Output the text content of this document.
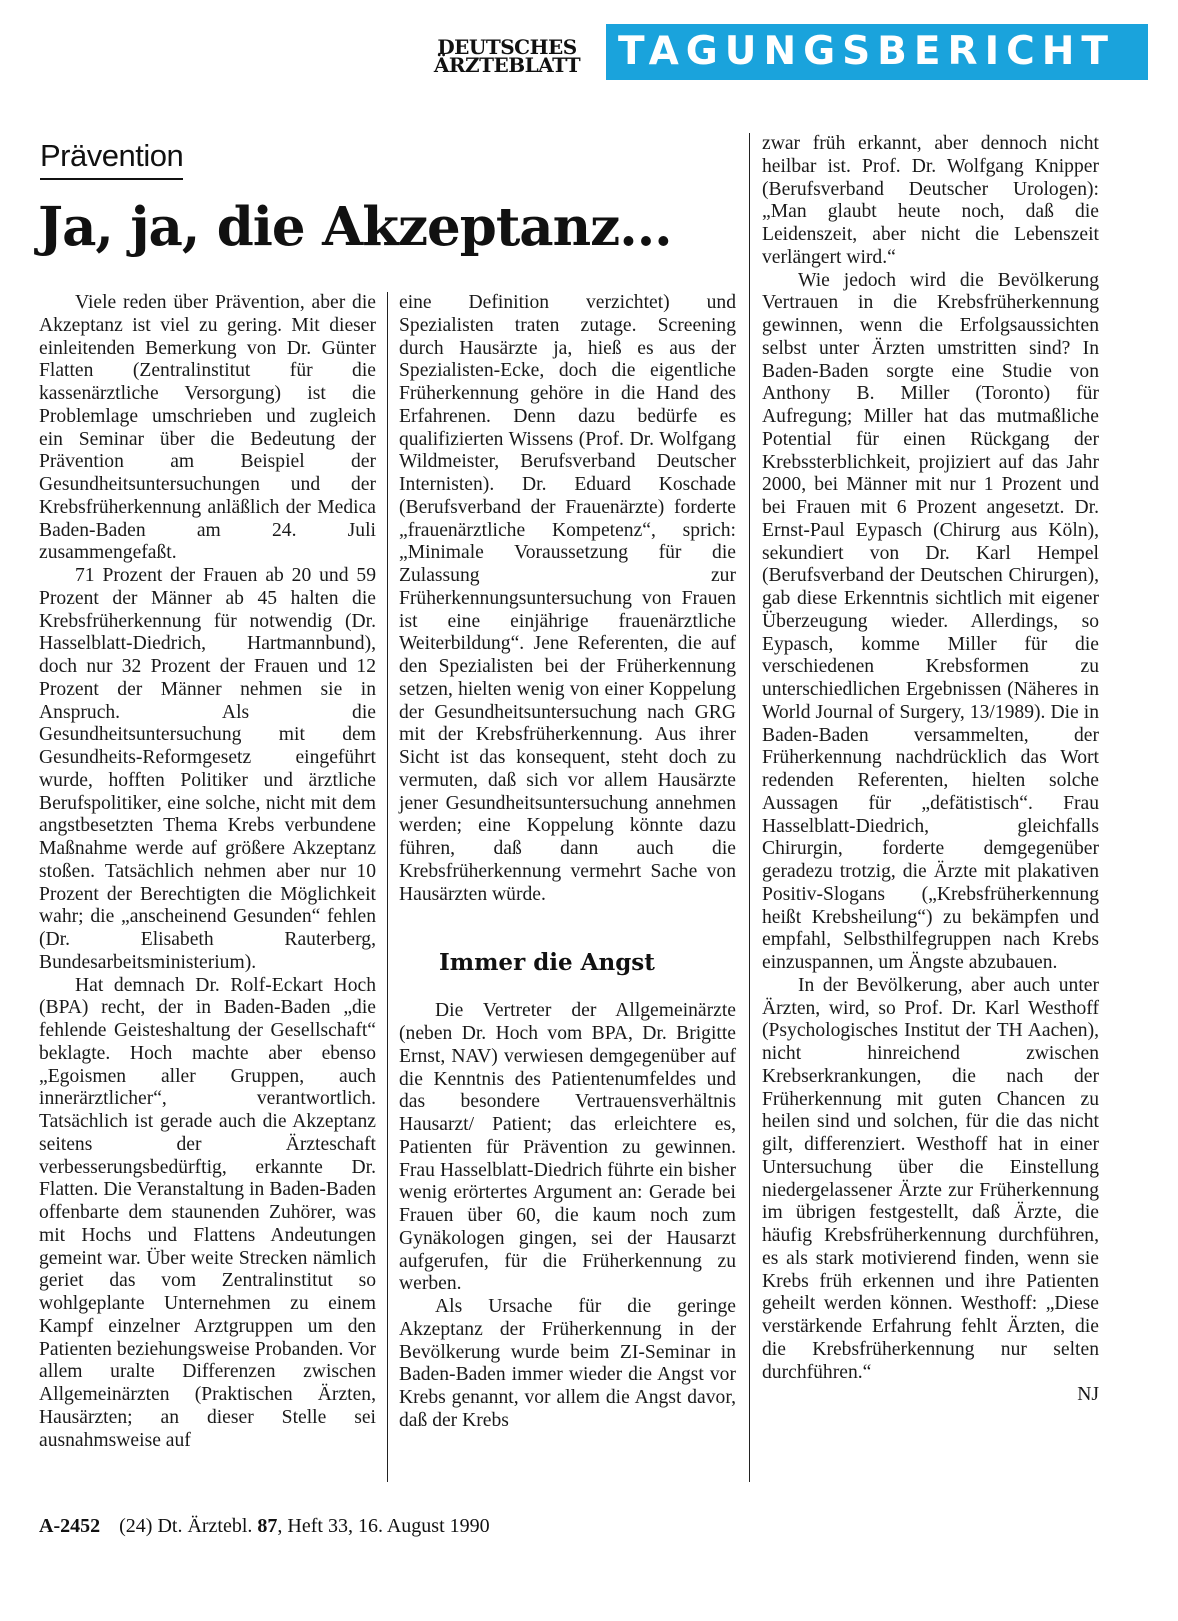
DEUTSCHES
ÄRZTEBLATT TAGUNGSBERICHT
Prävention
Ja, ja, die Akzeptanz...

Viele reden über Prävention, aber die Akzeptanz ist viel zu gering. Mit dieser einleitenden Bemerkung von Dr. Günter Flatten (Zentralinstitut für die kassenärztliche Versorgung) ist die Problemlage umschrieben und zugleich ein Seminar über die Bedeutung der Prävention am Beispiel der Gesundheitsuntersuchungen und der Krebsfrüherkennung anläßlich der Medica Baden-Baden am 24. Juli zusammengefaßt.

71 Prozent der Frauen ab 20 und 59 Prozent der Männer ab 45 halten die Krebsfrüherkennung für notwendig (Dr. Hasselblatt-Diedrich, Hartmannbund), doch nur 32 Prozent der Frauen und 12 Prozent der Männer nehmen sie in Anspruch. Als die Gesundheitsuntersuchung mit dem Gesundheits-Reformgesetz eingeführt wurde, hofften Politiker und ärztliche Berufspolitiker, eine solche, nicht mit dem angstbesetzten Thema Krebs verbundene Maßnahme werde auf größere Akzeptanz stoßen. Tatsächlich nehmen aber nur 10 Prozent der Berechtigten die Möglichkeit wahr; die „anscheinend Gesunden“ fehlen (Dr. Elisabeth Rauterberg, Bundesarbeitsministerium).

Hat demnach Dr. Rolf-Eckart Hoch (BPA) recht, der in Baden-Baden „die fehlende Geisteshaltung der Gesellschaft“ beklagte. Hoch machte aber ebenso „Egoismen aller Gruppen, auch innerärztlicher“, verantwortlich. Tatsächlich ist gerade auch die Akzeptanz seitens der Ärzteschaft verbesserungsbedürftig, erkannte Dr. Flatten. Die Veranstaltung in Baden-Baden offenbarte dem staunenden Zuhörer, was mit Hochs und Flattens Andeutungen gemeint war. Über weite Strecken nämlich geriet das vom Zentralinstitut so wohlgeplante Unternehmen zu einem Kampf einzelner Arztgruppen um den Patienten beziehungsweise Probanden. Vor allem uralte Differenzen zwischen Allgemeinärzten (Praktischen Ärzten, Hausärzten; an dieser Stelle sei ausnahmsweise auf

eine Definition verzichtet) und Spezialisten traten zutage. Screening durch Hausärzte ja, hieß es aus der Spezialisten-Ecke, doch die eigentliche Früherkennung gehöre in die Hand des Erfahrenen. Denn dazu bedürfe es qualifizierten Wissens (Prof. Dr. Wolfgang Wildmeister, Berufsverband Deutscher Internisten). Dr. Eduard Koschade (Berufsverband der Frauenärzte) forderte „frauenärztliche Kompetenz“, sprich: „Minimale Voraussetzung für die Zulassung zur Früherkennungsuntersuchung von Frauen ist eine einjährige frauenärztliche Weiterbildung“. Jene Referenten, die auf den Spezialisten bei der Früherkennung setzen, hielten wenig von einer Koppelung der Gesundheitsuntersuchung nach GRG mit der Krebsfrüherkennung. Aus ihrer Sicht ist das konsequent, steht doch zu vermuten, daß sich vor allem Hausärzte jener Gesundheitsuntersuchung annehmen werden; eine Koppelung könnte dazu führen, daß dann auch die Krebsfrüherkennung vermehrt Sache von Hausärzten würde.

Immer die Angst

Die Vertreter der Allgemeinärzte (neben Dr. Hoch vom BPA, Dr. Brigitte Ernst, NAV) verwiesen demgegenüber auf die Kenntnis des Patientenumfeldes und das besondere Vertrauensverhältnis Hausarzt/ Patient; das erleichtere es, Patienten für Prävention zu gewinnen. Frau Hasselblatt-Diedrich führte ein bisher wenig erörtertes Argument an: Gerade bei Frauen über 60, die kaum noch zum Gynäkologen gingen, sei der Hausarzt aufgerufen, für die Früherkennung zu werben.

Als Ursache für die geringe Akzeptanz der Früherkennung in der Bevölkerung wurde beim ZI-Seminar in Baden-Baden immer wieder die Angst vor Krebs genannt, vor allem die Angst davor, daß der Krebs

zwar früh erkannt, aber dennoch nicht heilbar ist. Prof. Dr. Wolfgang Knipper (Berufsverband Deutscher Urologen): „Man glaubt heute noch, daß die Leidenszeit, aber nicht die Lebenszeit verlängert wird.“

Wie jedoch wird die Bevölkerung Vertrauen in die Krebsfrüherkennung gewinnen, wenn die Erfolgsaussichten selbst unter Ärzten umstritten sind? In Baden-Baden sorgte eine Studie von Anthony B. Miller (Toronto) für Aufregung; Miller hat das mutmaßliche Potential für einen Rückgang der Krebssterblichkeit, projiziert auf das Jahr 2000, bei Männer mit nur 1 Prozent und bei Frauen mit 6 Prozent angesetzt. Dr. Ernst-Paul Eypasch (Chirurg aus Köln), sekundiert von Dr. Karl Hempel (Berufsverband der Deutschen Chirurgen), gab diese Erkenntnis sichtlich mit eigener Überzeugung wieder. Allerdings, so Eypasch, komme Miller für die verschiedenen Krebsformen zu unterschiedlichen Ergebnissen (Näheres in World Journal of Surgery, 13/1989). Die in Baden-Baden versammelten, der Früherkennung nachdrücklich das Wort redenden Referenten, hielten solche Aussagen für „defätistisch“. Frau Hasselblatt-Diedrich, gleichfalls Chirurgin, forderte demgegenüber geradezu trotzig, die Ärzte mit plakativen Positiv-Slogans („Krebsfrüherkennung heißt Krebsheilung“) zu bekämpfen und empfahl, Selbsthilfegruppen nach Krebs einzuspannen, um Ängste abzubauen.

In der Bevölkerung, aber auch unter Ärzten, wird, so Prof. Dr. Karl Westhoff (Psychologisches Institut der TH Aachen), nicht hinreichend zwischen Krebserkrankungen, die nach der Früherkennung mit guten Chancen zu heilen sind und solchen, für die das nicht gilt, differenziert. Westhoff hat in einer Untersuchung über die Einstellung niedergelassener Ärzte zur Früherkennung im übrigen festgestellt, daß Ärzte, die häufig Krebsfrüherkennung durchführen, es als stark motivierend finden, wenn sie Krebs früh erkennen und ihre Patienten geheilt werden können. Westhoff: „Diese verstärkende Erfahrung fehlt Ärzten, die die Krebsfrüherkennung nur selten durchführen.“

NJ
A-2452 (24) Dt. Ärztebl. 87, Heft 33, 16. August 1990
